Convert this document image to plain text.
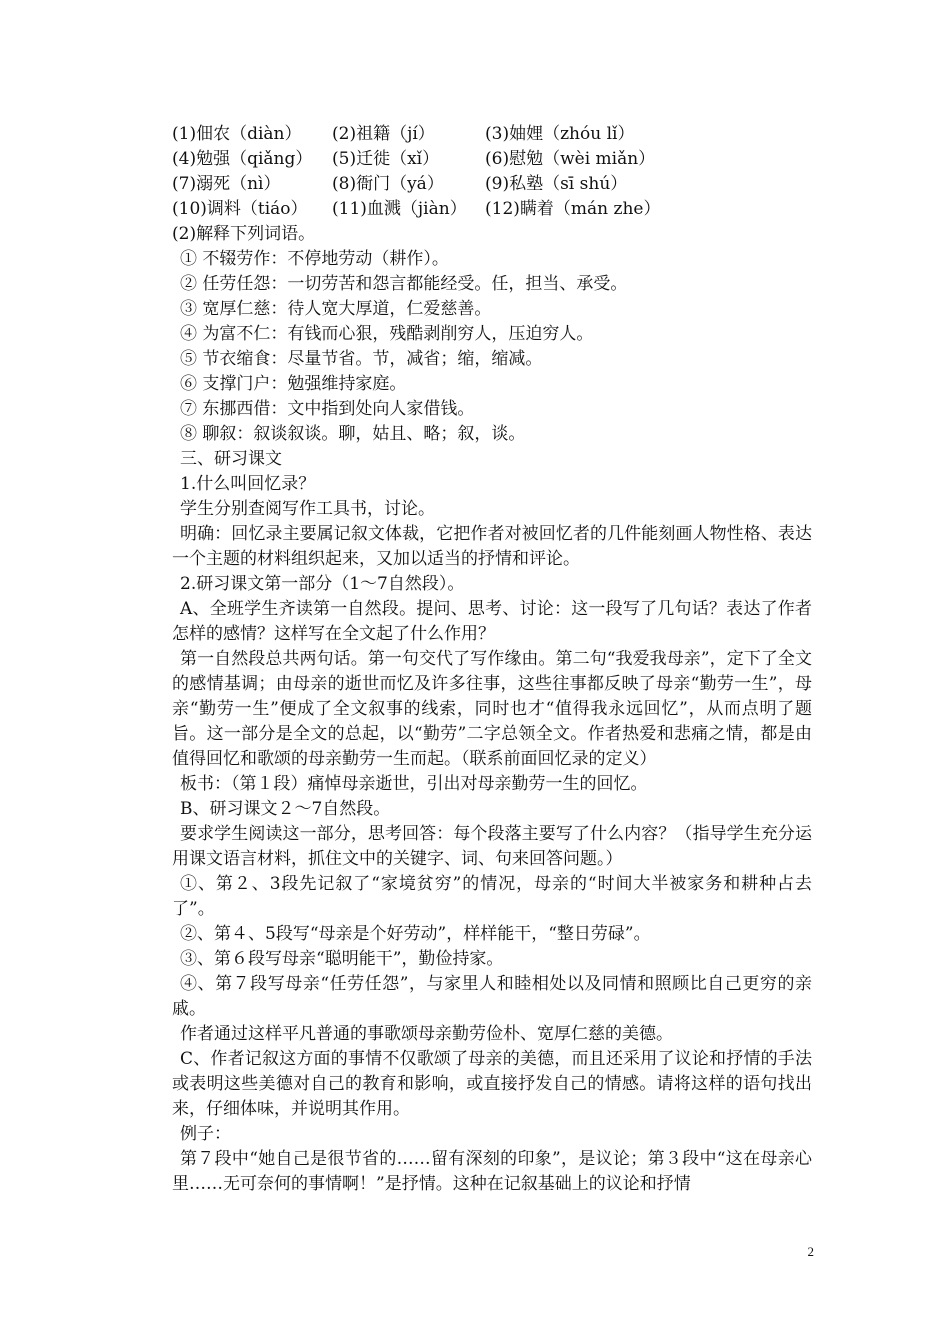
(1)佃农（diàn）	(2)祖籍（jí）	(3)妯娌（zhóu lǐ）
(4)勉强（qiǎng）	(5)迁徙（xǐ）	(6)慰勉（wèi miǎn）
(7)溺死（nì）	(8)衙门（yá）	(9)私塾（sī shú）
(10)调料（tiáo）	(11)血溅（jiàn）	(12)瞒着（mán zhe）
(2)解释下列词语。
① 不辍劳作：不停地劳动（耕作）。
② 任劳任怨：一切劳苦和怨言都能经受。任，担当、承受。
③ 宽厚仁慈：待人宽大厚道，仁爱慈善。
④ 为富不仁：有钱而心狠，残酷剥削穷人，压迫穷人。
⑤ 节衣缩食：尽量节省。节，减省；缩，缩减。
⑥ 支撑门户：勉强维持家庭。
⑦ 东挪西借：文中指到处向人家借钱。
⑧ 聊叙：叙谈叙谈。聊，姑且、略；叙，谈。
三、研习课文
1.什么叫回忆录？
学生分别查阅写作工具书，讨论。

明确：回忆录主要属记叙文体裁，它把作者对被回忆者的几件能刻画人物性格、表达一个主题的材料组织起来，又加以适当的抒情和评论。

2.研习课文第一部分（1～7自然段）。

A、全班学生齐读第一自然段。提问、思考、讨论：这一段写了几句话？表达了作者怎样的感情？这样写在全文起了什么作用？

第一自然段总共两句话。第一句交代了写作缘由。第二句“我爱我母亲”，定下了全文的感情基调；由母亲的逝世而忆及许多往事，这些往事都反映了母亲“勤劳一生”，母亲“勤劳一生”便成了全文叙事的线索，同时也才“值得我永远回忆”，从而点明了题旨。这一部分是全文的总起，以“勤劳”二字总领全文。作者热爱和悲痛之情，都是由值得回忆和歌颂的母亲勤劳一生而起。（联系前面回忆录的定义）

板书：（第１段）痛悼母亲逝世，引出对母亲勤劳一生的回忆。

B、研习课文２～7自然段。

要求学生阅读这一部分，思考回答：每个段落主要写了什么内容？（指导学生充分运用课文语言材料，抓住文中的关键字、词、句来回答问题。）

①、第２、3段先记叙了“家境贫穷”的情况，母亲的“时间大半被家务和耕种占去了”。

②、第４、5段写“母亲是个好劳动”，样样能干，“整日劳碌”。

③、第６段写母亲“聪明能干”，勤俭持家。

④、第７段写母亲“任劳任怨”，与家里人和睦相处以及同情和照顾比自己更穷的亲戚。

作者通过这样平凡普通的事歌颂母亲勤劳俭朴、宽厚仁慈的美德。

C、作者记叙这方面的事情不仅歌颂了母亲的美德，而且还采用了议论和抒情的手法或表明这些美德对自己的教育和影响，或直接抒发自己的情感。请将这样的语句找出来，仔细体味，并说明其作用。

例子：

第７段中“她自己是很节省的……留有深刻的印象”，是议论；第３段中“这在母亲心里……无可奈何的事情啊！”是抒情。这种在记叙基础上的议论和抒情

2
